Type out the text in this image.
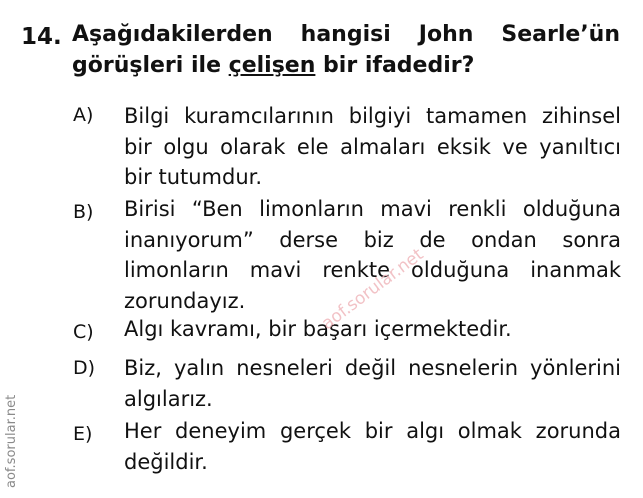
14. Aşağıdakilerden hangisi John Searle’ün
görüşleri ile çelişen bir ifadedir?
A) Bilgi kuramcılarının bilgiyi tamamen zihinsel
bir olgu olarak ele almaları eksik ve yanıltıcı
bir tutumdur.
B) Birisi “Ben limonların mavi renkli olduğuna
inanıyorum” derse biz de ondan sonra
limonların mavi renkte olduğuna inanmak
zorundayız.
C) Algı kavramı, bir başarı içermektedir.
D) Biz, yalın nesneleri değil nesnelerin yönlerini
algılarız.
E) Her deneyim gerçek bir algı olmak zorunda
değildir.
aof.sorular.net
aof.sorular.net
